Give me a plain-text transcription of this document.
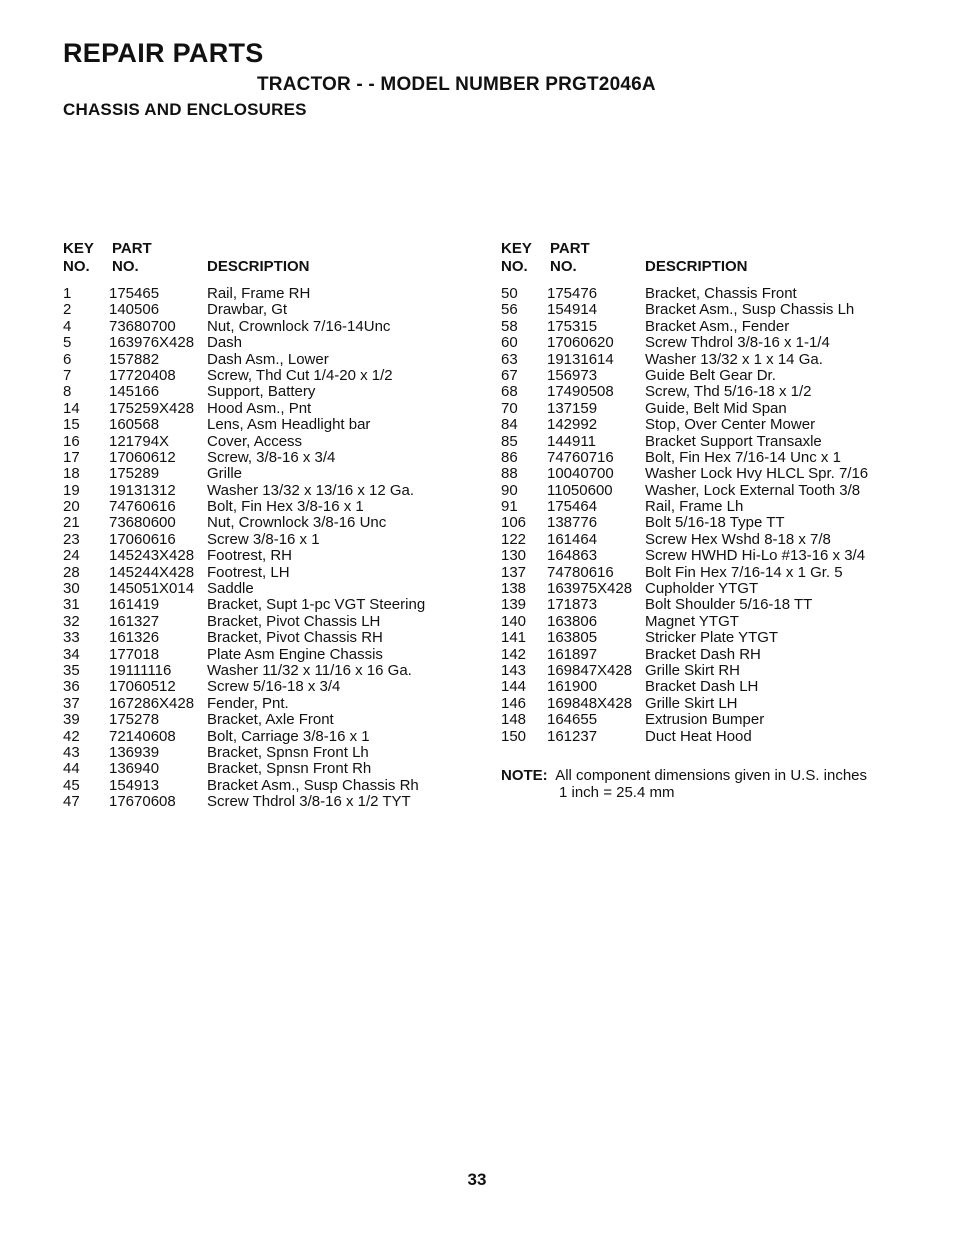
REPAIR PARTS
TRACTOR - - MODEL NUMBER PRGT2046A
CHASSIS AND ENCLOSURES
KEY
NO.
PART
NO.	DESCRIPTION
1	175465	Rail, Frame RH
2	140506	Drawbar, Gt
4	73680700 Nut, Crownlock 7/16-14Unc
5	163976X428 Dash
6	157882	Dash Asm., Lower
7	17720408 Screw, Thd Cut 1/4-20 x 1/2
8	145166	Support, Battery
14 175259X428 Hood Asm., Pnt
15 160568	Lens, Asm Headlight bar
16 121794X	Cover, Access
17 17060612 Screw, 3/8-16 x 3/4
18 175289	Grille
19 19131312 Washer 13/32 x 13/16 x 12 Ga.
20 74760616 Bolt, Fin Hex 3/8-16 x 1
21 73680600 Nut, Crownlock 3/8-16 Unc
23 17060616 Screw 3/8-16 x 1
24 145243X428 Footrest, RH
28 145244X428 Footrest, LH
30 145051X014 Saddle
31 161419	Bracket, Supt 1-pc VGT Steering
32 161327	Bracket, Pivot Chassis LH
33 161326	Bracket, Pivot Chassis RH
34 177018	Plate Asm Engine Chassis
35 19111116 Washer 11/32 x 11/16 x 16 Ga.
36 17060512 Screw 5/16-18 x 3/4
37 167286X428 Fender, Pnt.
39 175278	Bracket, Axle Front
42 72140608 Bolt, Carriage 3/8-16 x 1
43 136939	Bracket, Spnsn Front Lh
44 136940	Bracket, Spnsn Front Rh
45 154913	Bracket Asm., Susp Chassis Rh
47 17670608 Screw Thdrol 3/8-16 x 1/2 TYT
KEY
NO.
PART
NO.	DESCRIPTION
50 175476	Bracket, Chassis Front
56 154914	Bracket Asm., Susp Chassis Lh
58 175315	Bracket Asm., Fender
60 17060620 Screw Thdrol 3/8-16 x 1-1/4
63 19131614 Washer 13/32 x 1 x 14 Ga.
67 156973	Guide Belt Gear Dr.
68 17490508 Screw, Thd 5/16-18 x 1/2
70 137159	Guide, Belt Mid Span
84 142992	Stop, Over Center Mower
85 144911	Bracket Support Transaxle
86 74760716 Bolt, Fin Hex 7/16-14 Unc x 1
88 10040700 Washer Lock Hvy HLCL Spr. 7/16
90 11050600 Washer, Lock External Tooth 3/8
91 175464	Rail, Frame Lh
106 138776	Bolt 5/16-18 Type TT
122 161464	Screw Hex Wshd 8-18 x 7/8
130 164863	Screw HWHD Hi-Lo #13-16 x 3/4
137 74780616 Bolt Fin Hex 7/16-14 x 1 Gr. 5
138 163975X428 Cupholder YTGT
139 171873	Bolt Shoulder 5/16-18 TT
140 163806	Magnet YTGT
141 163805	Stricker Plate YTGT
142 161897	Bracket Dash RH
143 169847X428 Grille Skirt RH
144 161900	Bracket Dash LH
146 169848X428 Grille Skirt LH
148 164655	Extrusion Bumper
150 161237	Duct Heat Hood
NOTE: All component dimensions given in U.S. inches
1 inch = 25.4 mm
33
